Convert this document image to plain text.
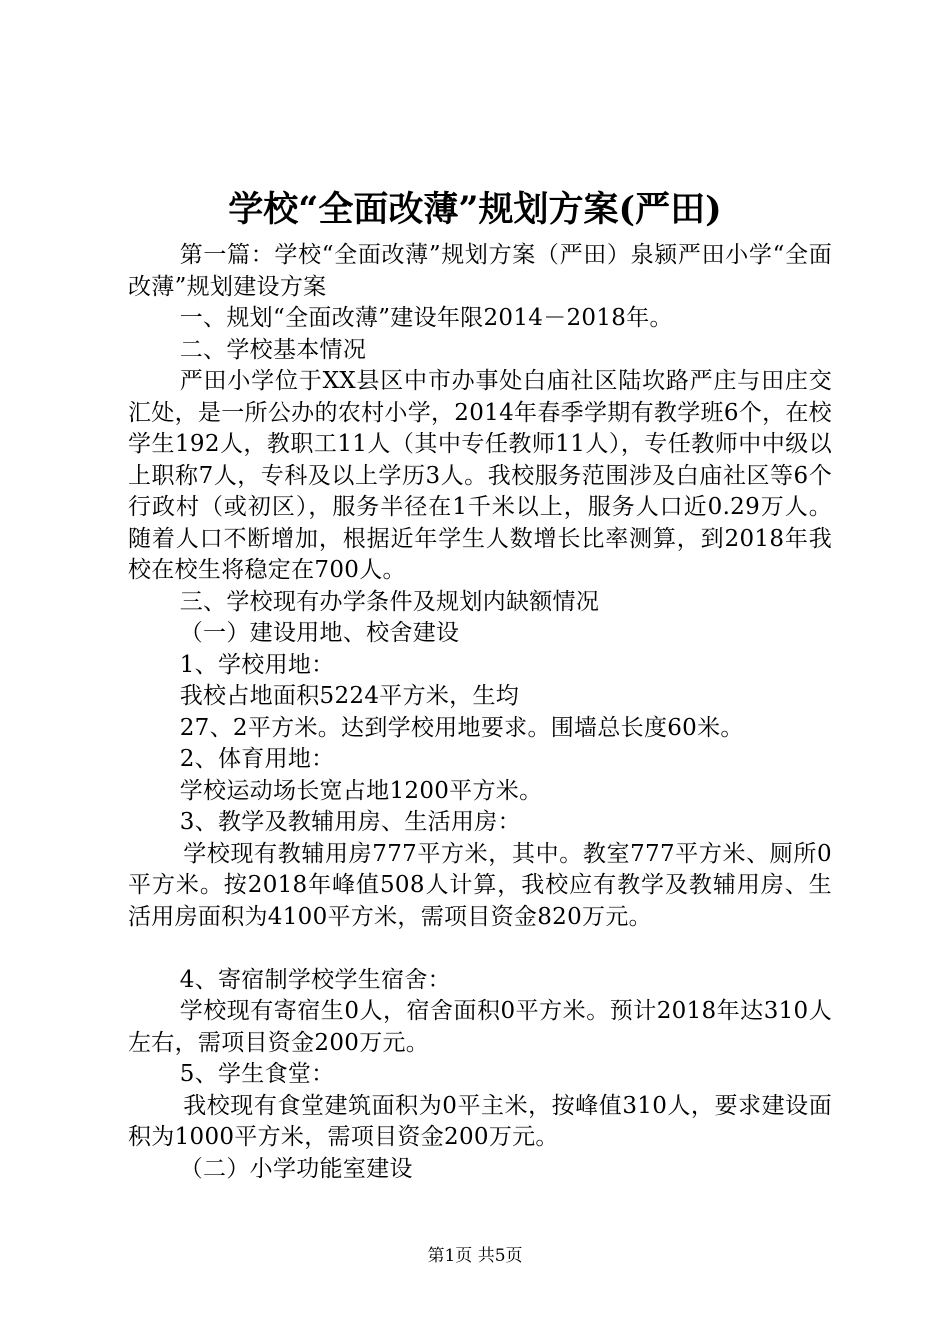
学校“全面改薄”规划方案(严田)

第一篇：学校“全面改薄”规划方案（严田）泉颍严田小学“全面改薄”规划建设方案

一、规划“全面改薄”建设年限2014－2018年。

二、学校基本情况

严田小学位于XX县区中市办事处白庙社区陆坎路严庄与田庄交汇处，是一所公办的农村小学，2014年春季学期有教学班6个，在校学生192人，教职工11人（其中专任教师11人），专任教师中中级以上职称7人，专科及以上学历3人。我校服务范围涉及白庙社区等6个行政村（或初区），服务半径在1千米以上，服务人口近0.29万人。随着人口不断增加，根据近年学生人数增长比率测算，到2018年我校在校生将稳定在700人。

三、学校现有办学条件及规划内缺额情况

（一）建设用地、校舍建设

1、学校用地：

我校占地面积5224平方米，生均

27、2平方米。达到学校用地要求。围墙总长度60米。

2、体育用地：

学校运动场长宽占地1200平方米。

3、教学及教辅用房、生活用房：

学校现有教辅用房777平方米，其中。教室777平方米、厕所0平方米。按2018年峰值508人计算，我校应有教学及教辅用房、生活用房面积为4100平方米，需项目资金820万元。

4、寄宿制学校学生宿舍：

学校现有寄宿生0人，宿舍面积0平方米。预计2018年达310人左右，需项目资金200万元。

5、学生食堂：

我校现有食堂建筑面积为0平主米，按峰值310人，要求建设面积为1000平方米，需项目资金200万元。

（二）小学功能室建设

第1页 共5页
